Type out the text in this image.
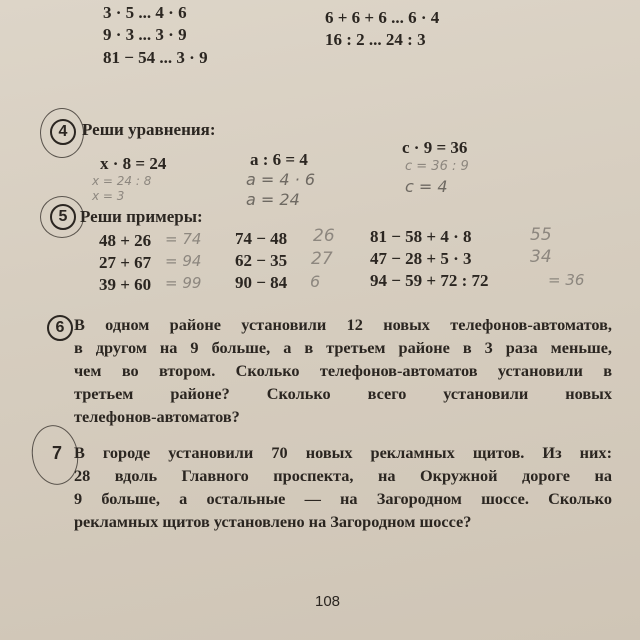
3 · 5 ... 4 · 6
9 · 3 ... 3 · 9
81 − 54 ... 3 · 9
6 + 6 + 6 ... 6 · 4
16 : 2 ... 24 : 3
4 Реши уравнения:
x · 8 = 24	a : 6 = 4
c · 9 = 36
x = 24 : 8
x = 3
a = 4 · 6
a = 24
c = 36 : 9
c = 4
5 Реши примеры:
48 + 26
27 + 67
39 + 60
= 74
= 94
= 99
74 − 48
62 − 35
90 − 84
26
27
6
81 − 58 + 4 · 8
47 − 28 + 5 · 3
94 − 59 + 72 : 72
55
34
= 36
6 В одном районе установили 12 новых телефонов-автоматов,
в другом на 9 больше, а в третьем районе в 3 раза меньше,
чем во втором. Сколько телефонов-автоматов установили в
третьем районе? Сколько всего установили новых
телефонов-автоматов?
7 В городе установили 70 новых рекламных щитов. Из них:
28 вдоль Главного проспекта, на Окружной дороге на
9 больше, а остальные — на Загородном шоссе. Сколько
рекламных щитов установлено на Загородном шоссе?
108
